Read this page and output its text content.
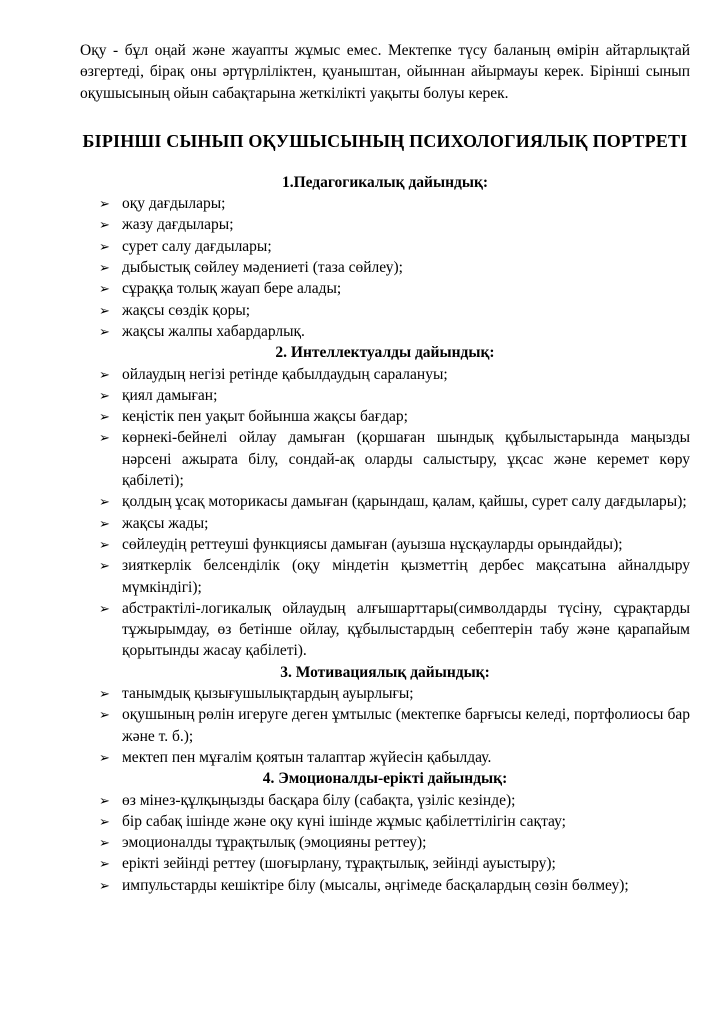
Оқу - бұл оңай және жауапты жұмыс емес. Мектепке түсу баланың өмірін айтарлықтай өзгертеді, бірақ оны әртүрліліктен, қуаныштан, ойыннан айырмауы керек. Бірінші сынып оқушысының ойын сабақтарына жеткілікті уақыты болуы керек.

БІРІНШІ СЫНЫП ОҚУШЫСЫНЫҢ ПСИХОЛОГИЯЛЫҚ ПОРТРЕТІ
1.Педагогикалық дайындық:
➢ оқу дағдылары;
➢ жазу дағдылары;
➢ сурет салу дағдылары;
➢ дыбыстық сөйлеу мәдениеті (таза сөйлеу);
➢ сұраққа толық жауап бере алады;
➢ жақсы сөздік қоры;
➢ жақсы жалпы хабардарлық.
2. Интеллектуалды дайындық:
➢ ойлаудың негізі ретінде қабылдаудың саралануы;
➢ қиял дамыған;
➢ кеңістік пен уақыт бойынша жақсы бағдар;
➢ көрнекі-бейнелі ойлау дамыған (қоршаған шындық құбылыстарында маңызды нәрсені ажырата білу, сондай-ақ оларды салыстыру, ұқсас және керемет көру қабілеті);
➢ қолдың ұсақ моторикасы дамыған (қарындаш, қалам, қайшы, сурет салу дағдылары);
➢ жақсы жады;
➢ сөйлеудің реттеуші функциясы дамыған (ауызша нұсқауларды орындайды);
➢ зияткерлік белсенділік (оқу міндетін қызметтің дербес мақсатына айналдыру мүмкіндігі);
➢ абстрактілі-логикалық ойлаудың алғышарттары(символдарды түсіну, сұрақтарды тұжырымдау, өз бетінше ойлау, құбылыстардың себептерін табу және қарапайым қорытынды жасау қабілеті).
3. Мотивациялық дайындық:
➢ танымдық қызығушылықтардың ауырлығы;
➢ оқушының рөлін игеруге деген ұмтылыс (мектепке барғысы келеді, портфолиосы бар және т. б.);
➢ мектеп пен мұғалім қоятын талаптар жүйесін қабылдау.
4. Эмоционалды-ерікті дайындық:
➢ өз мінез-құлқыңызды басқара білу (сабақта, үзіліс кезінде);
➢ бір сабақ ішінде және оқу күні ішінде жұмыс қабілеттілігін сақтау;
➢ эмоционалды тұрақтылық (эмоцияны реттеу);
➢ ерікті зейінді реттеу (шоғырлану, тұрақтылық, зейінді ауыстыру);
➢ импульстарды кешіктіре білу (мысалы, әңгімеде басқалардың сөзін бөлмеу);
